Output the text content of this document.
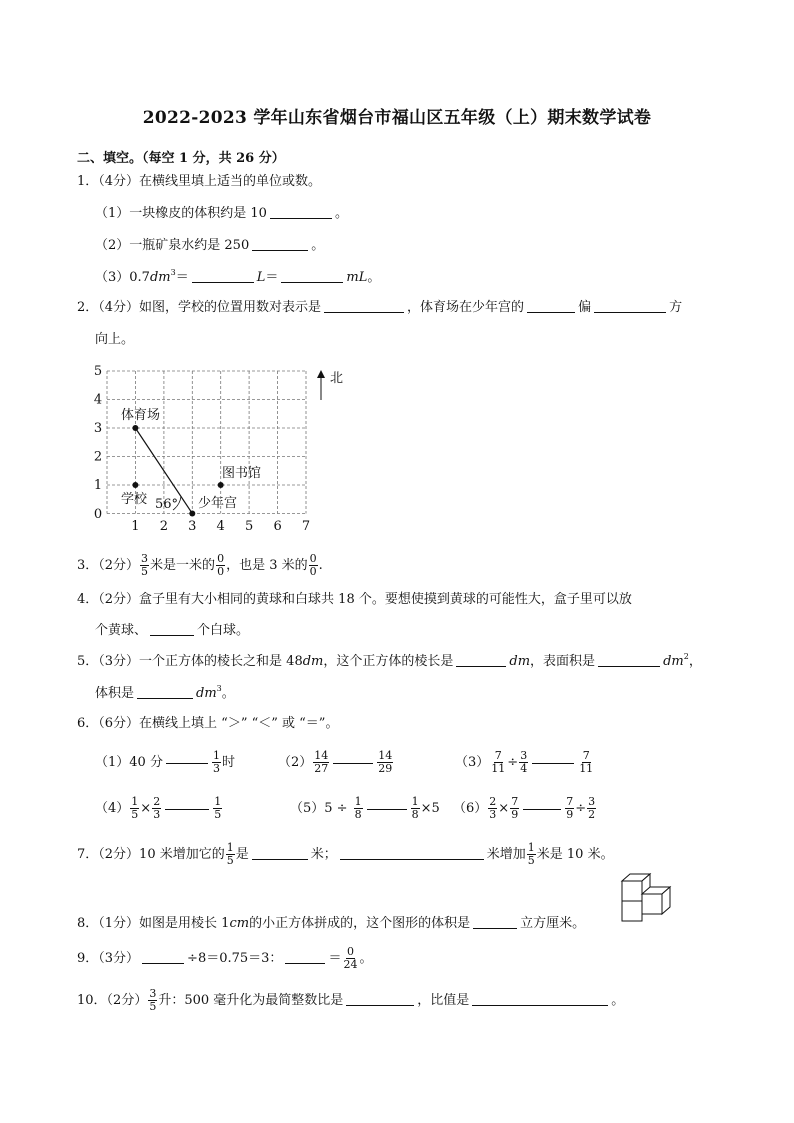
2022-2023 学年山东省烟台市福山区五年级（上）期末数学试卷
二、填空。（每空 1 分，共 26 分）
1．（4分）在横线里填上适当的单位或数。
（1）一块橡皮的体积约是 10	。
（2）一瓶矿泉水约是 250	。
$(3)0.7dm^3=$	L＝	mL。
2．（4分）如图，学校的位置用数对表示是	，体育场在少年宫的	偏	方
向上。
5
4
3
2
1
0
1 2 3 4 5 6 7
北
体育场
图书馆
学校	少年宫
56°
3．（2分） $\frac{3}{5}$ 米是一米的 $\frac{0}{0}$ ，也是 3 米的 $\frac{0}{0}$ .
4．（2分）盒子里有大小相同的黄球和白球共 18 个。要想使摸到黄球的可能性大，盒子里可以放
个黄球、	个白球。
5．（3分）一个正方体的棱长之和是 48dm，这个正方体的棱长是	dm，表面积是	$dm^2$，
体积是	$dm^3$。
6．（6分）在横线上填上 “＞” “＜” 或 “＝”。
（1）40 分	$\frac{1}{3}$ 时	$(2) \frac{14}{27}$	$\frac{14}{29}$	$(3) \frac{7}{11} \div \frac{3}{4}$	$\frac{7}{11}$
$(4) \frac{1}{5} \times \frac{2}{3}$	$\frac{1}{5}$	$(5)5 \div \frac{1}{8}$	$\frac{1}{8} \times 5$ $(6) \frac{2}{3} \times \frac{7}{9}$	$\frac{7}{9} \div \frac{3}{2}$
7．（2分）10 米增加它的 $\frac{1}{5}$ 是	米；	米增加 $\frac{1}{5}$ 米是 10 米。
8．（1分）如图是用棱长 1cm的小正方体拼成的，这个图形的体积是	立方厘米。
9．（3分）	÷8＝0.75＝3：	＝ $\frac{0}{24}$ 。
10．（2分） $\frac{3}{5}$ 升：500 毫升化为最简整数比是	，比值是	。
